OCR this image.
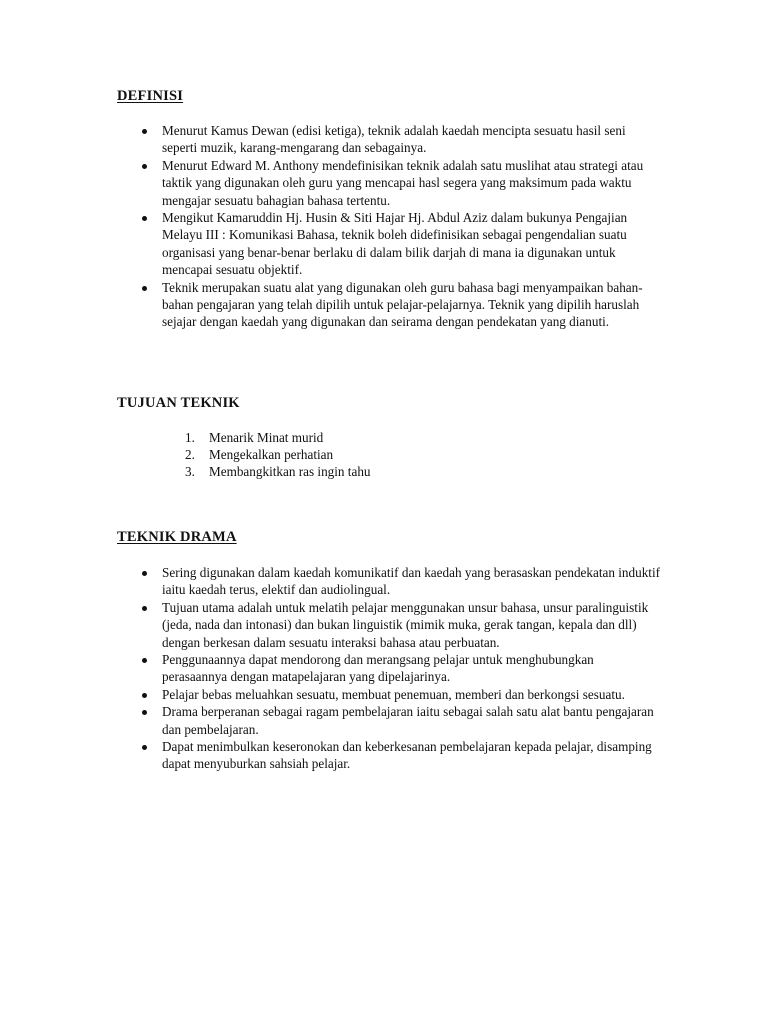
DEFINISI
Menurut Kamus Dewan (edisi ketiga), teknik adalah kaedah mencipta sesuatu hasil seni seperti muzik, karang-mengarang dan sebagainya.
Menurut Edward M. Anthony mendefinisikan teknik adalah satu muslihat atau strategi atau taktik yang digunakan oleh guru yang mencapai hasl segera yang maksimum pada waktu mengajar sesuatu bahagian bahasa tertentu.
Mengikut Kamaruddin Hj. Husin & Siti Hajar Hj. Abdul Aziz dalam bukunya Pengajian Melayu III : Komunikasi Bahasa, teknik boleh didefinisikan sebagai pengendalian suatu organisasi yang benar-benar berlaku di dalam bilik darjah di mana ia digunakan untuk mencapai sesuatu objektif.
Teknik merupakan suatu alat yang digunakan oleh guru bahasa bagi menyampaikan bahan-bahan pengajaran yang telah dipilih untuk pelajar-pelajarnya. Teknik yang dipilih haruslah sejajar dengan kaedah yang digunakan dan seirama dengan pendekatan yang dianuti.
TUJUAN TEKNIK
1. Menarik Minat murid
2. Mengekalkan perhatian
3. Membangkitkan ras ingin tahu
TEKNIK DRAMA
Sering digunakan dalam kaedah komunikatif dan kaedah yang berasaskan pendekatan induktif iaitu kaedah terus, elektif dan audiolingual.
Tujuan utama adalah untuk melatih pelajar menggunakan unsur bahasa, unsur paralinguistik (jeda, nada dan intonasi) dan bukan linguistik (mimik muka, gerak tangan, kepala dan dll) dengan berkesan dalam sesuatu interaksi bahasa atau perbuatan.
Penggunaannya dapat mendorong dan merangsang pelajar untuk menghubungkan perasaannya dengan matapelajaran yang dipelajarinya.
Pelajar bebas meluahkan sesuatu, membuat penemuan, memberi dan berkongsi sesuatu.
Drama berperanan sebagai ragam pembelajaran iaitu sebagai salah satu alat bantu pengajaran dan pembelajaran.
Dapat menimbulkan keseronokan dan keberkesanan pembelajaran kepada pelajar, disamping dapat menyuburkan sahsiah pelajar.
